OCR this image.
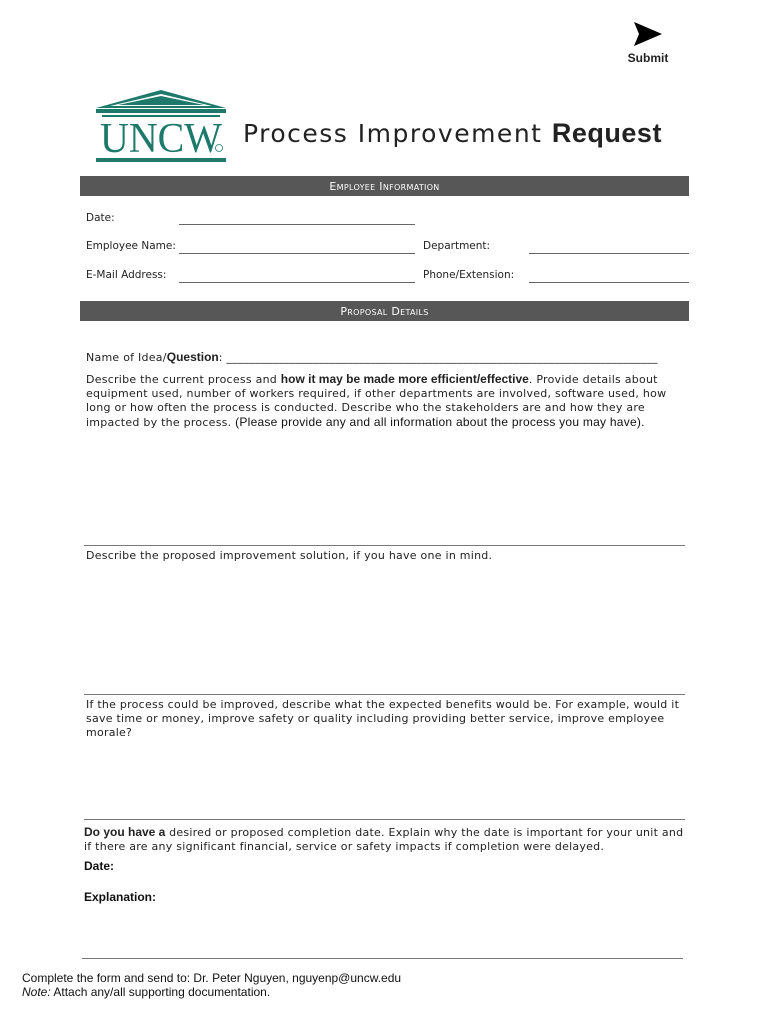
Submit
UNCW Process Improvement Request
Employee Information
Date:
Employee Name:	Department:
E-Mail Address:	Phone/Extension:
Proposal Details
Name of Idea/Question: ___________________________________________________________________________
Describe the current process and how it may be made more efficient/effective. Provide details about equipment used, number of workers required, if other departments are involved, software used, how long or how often the process is conducted. Describe who the stakeholders are and how they are impacted by the process. (Please provide any and all information about the process you may have).
Describe the proposed improvement solution, if you have one in mind.
If the process could be improved, describe what the expected benefits would be. For example, would it save time or money, improve safety or quality including providing better service, improve employee morale?
Do you have a desired or proposed completion date. Explain why the date is important for your unit and if there are any significant financial, service or safety impacts if completion were delayed.
Date:
Explanation:
Complete the form and send to: Dr. Peter Nguyen, nguyenp@uncw.edu
Note: Attach any/all supporting documentation.
